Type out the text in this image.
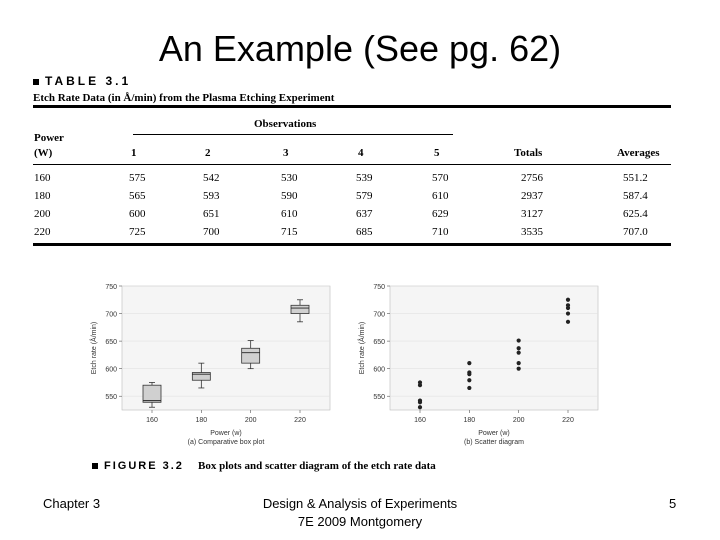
An Example (See pg. 62)
TABLE 3.1
Etch Rate Data (in Å/min) from the Plasma Etching Experiment
Observations
Power
(W)	1	2	3	4	5	Totals	Averages
160	575	542	530	539	570	2756	551.2
180	565	593	590	579	610	2937	587.4
200	600	651	610	637	629	3127	625.4
220	725	700	715	685	710	3535	707.0
550
600
650
700
750
160	180	200	220
Power (w)
(a) Comparative box plot
Etch rate (Å/min)
550
600
650
700
750
160	180	200	220
Power (w)
(b) Scatter diagram
Etch rate (Å/min)
FIGURE 3.2 Box plots and scatter diagram of the etch rate data
Chapter 3	Design & Analysis of Experiments
7E 2009 Montgomery
5
